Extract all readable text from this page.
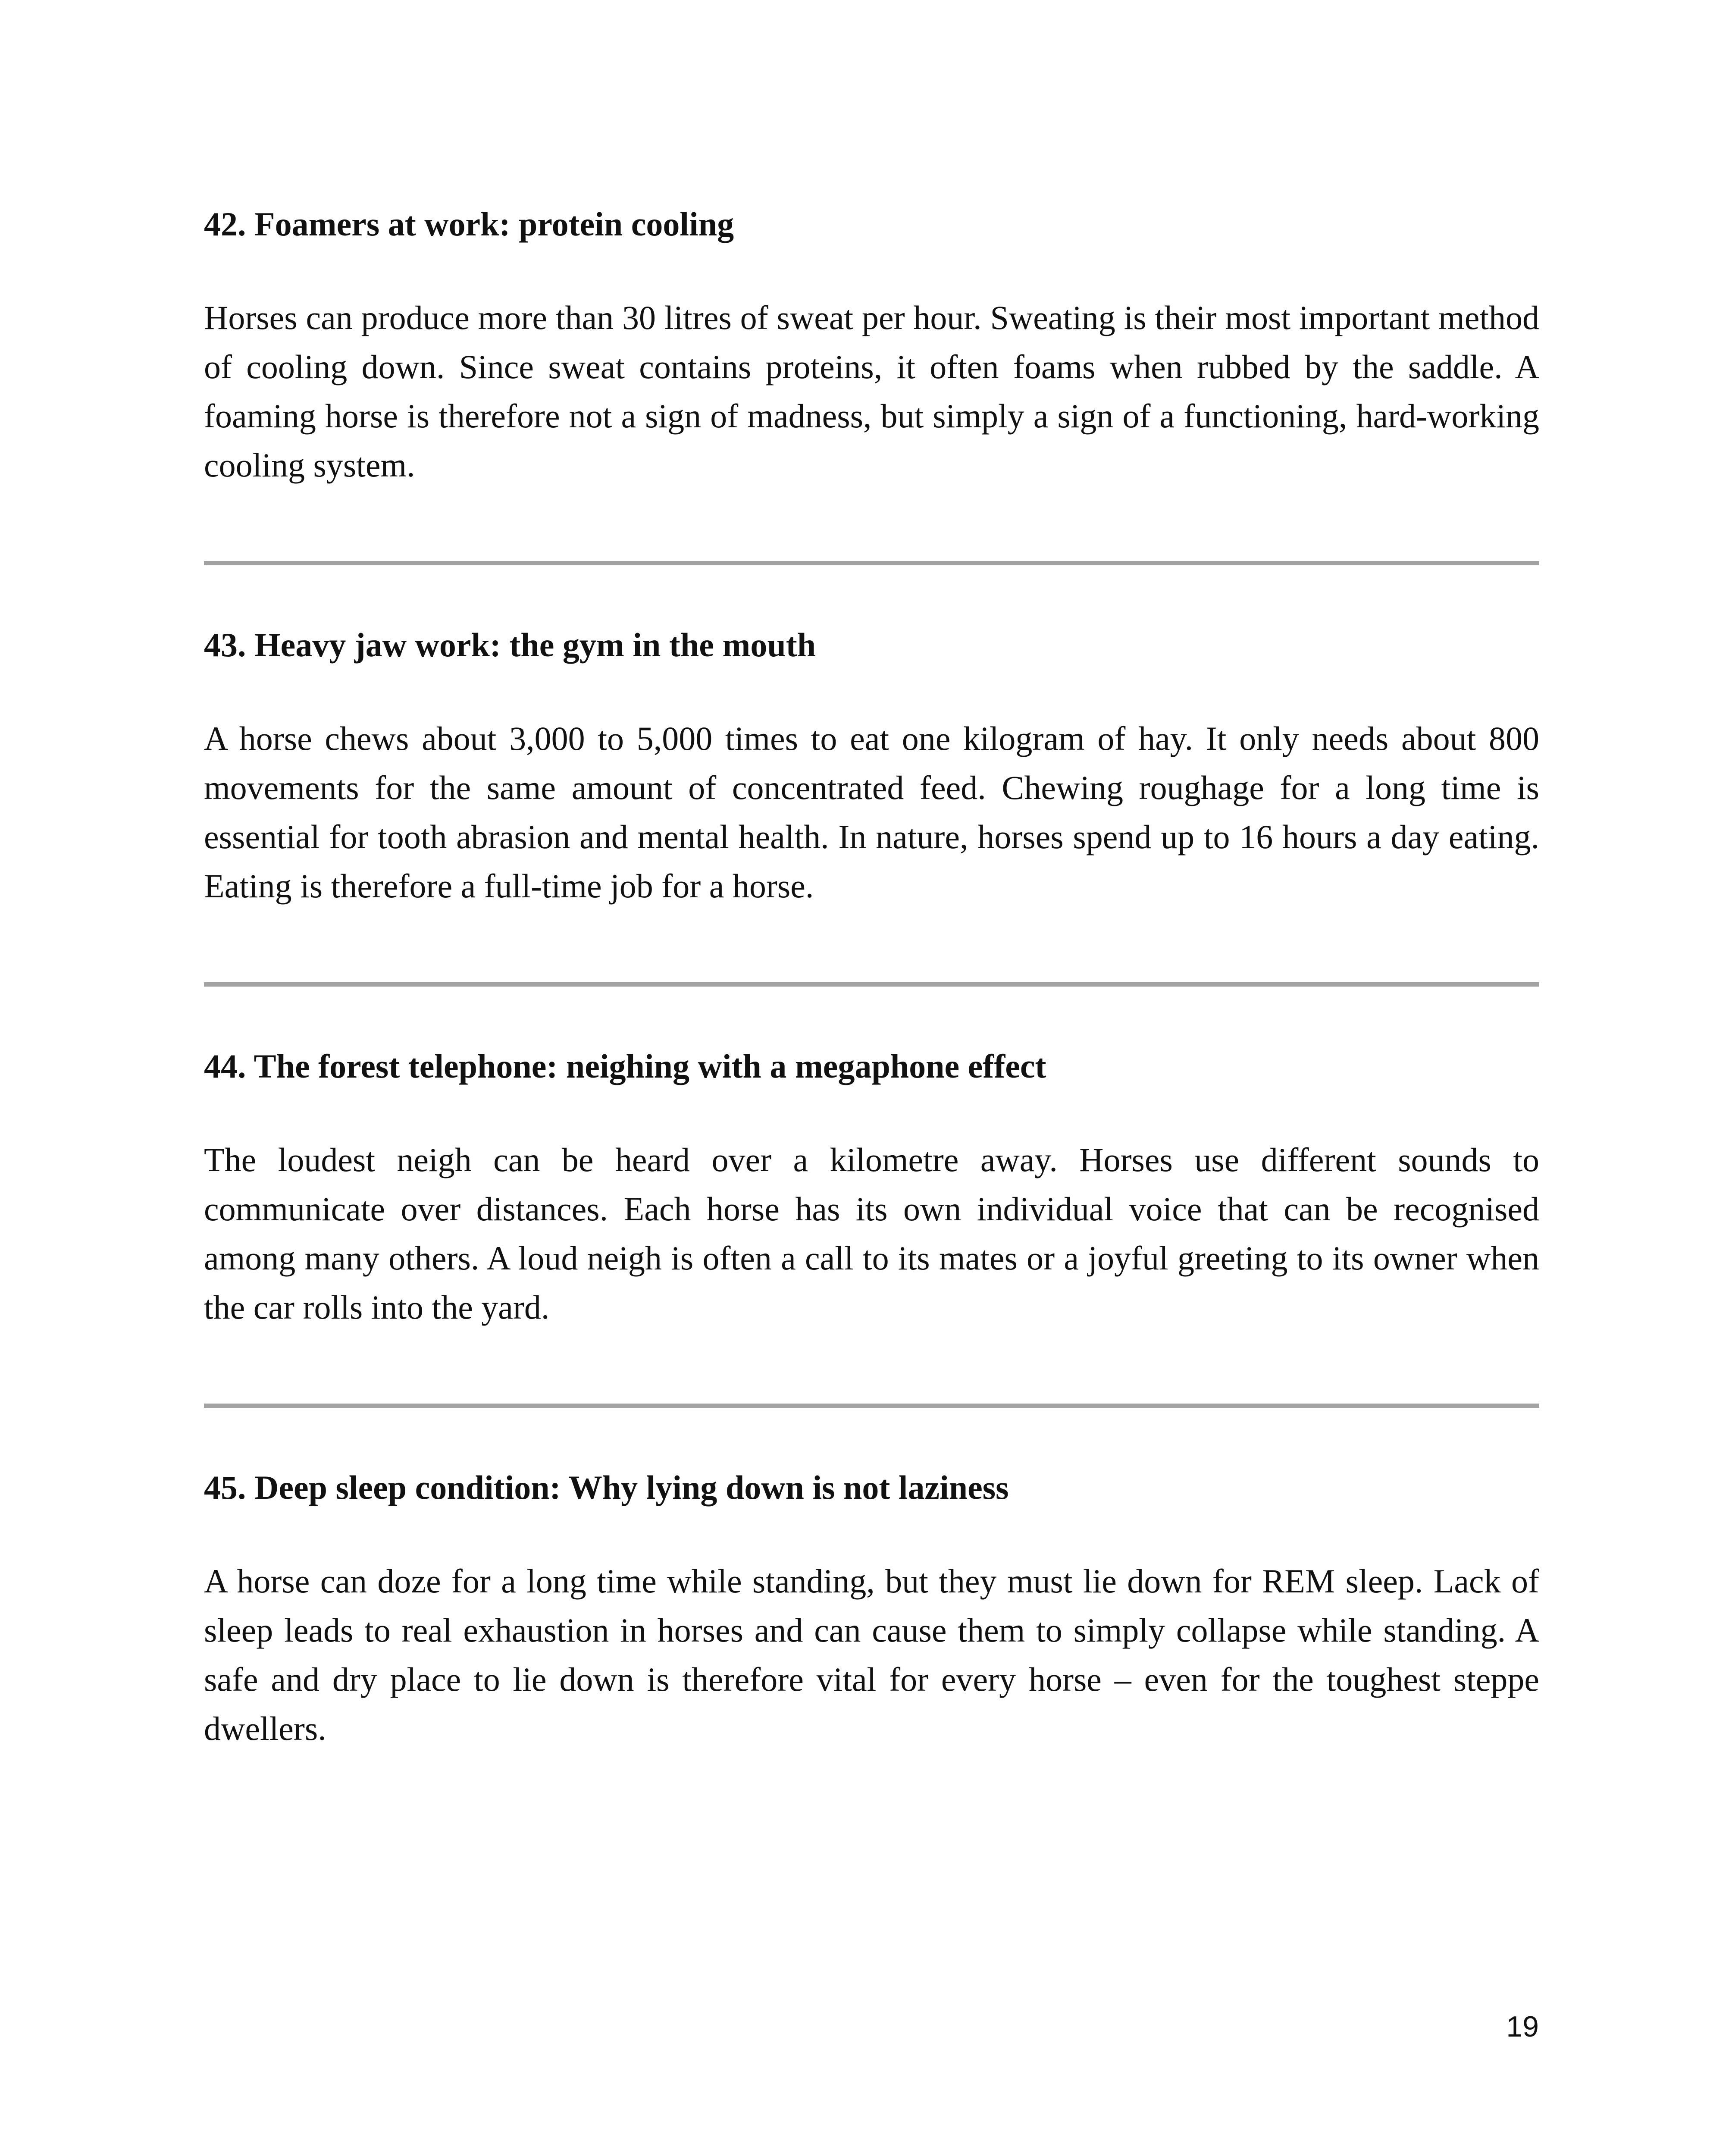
42. Foamers at work: protein cooling

Horses can produce more than 30 litres of sweat per hour. Sweating is their most important method of cooling down. Since sweat contains proteins, it often foams when rubbed by the saddle. A foaming horse is therefore not a sign of madness, but simply a sign of a functioning, hard-working cooling system.

43. Heavy jaw work: the gym in the mouth

A horse chews about 3,000 to 5,000 times to eat one kilogram of hay. It only needs about 800 movements for the same amount of concentrated feed. Chewing roughage for a long time is essential for tooth abrasion and mental health. In nature, horses spend up to 16 hours a day eating. Eating is therefore a full-time job for a horse.

44. The forest telephone: neighing with a megaphone effect

The loudest neigh can be heard over a kilometre away. Horses use different sounds to communicate over distances. Each horse has its own individual voice that can be recognised among many others. A loud neigh is often a call to its mates or a joyful greeting to its owner when the car rolls into the yard.

45. Deep sleep condition: Why lying down is not laziness

A horse can doze for a long time while standing, but they must lie down for REM sleep. Lack of sleep leads to real exhaustion in horses and can cause them to simply collapse while standing. A safe and dry place to lie down is therefore vital for every horse – even for the toughest steppe dwellers.

19
